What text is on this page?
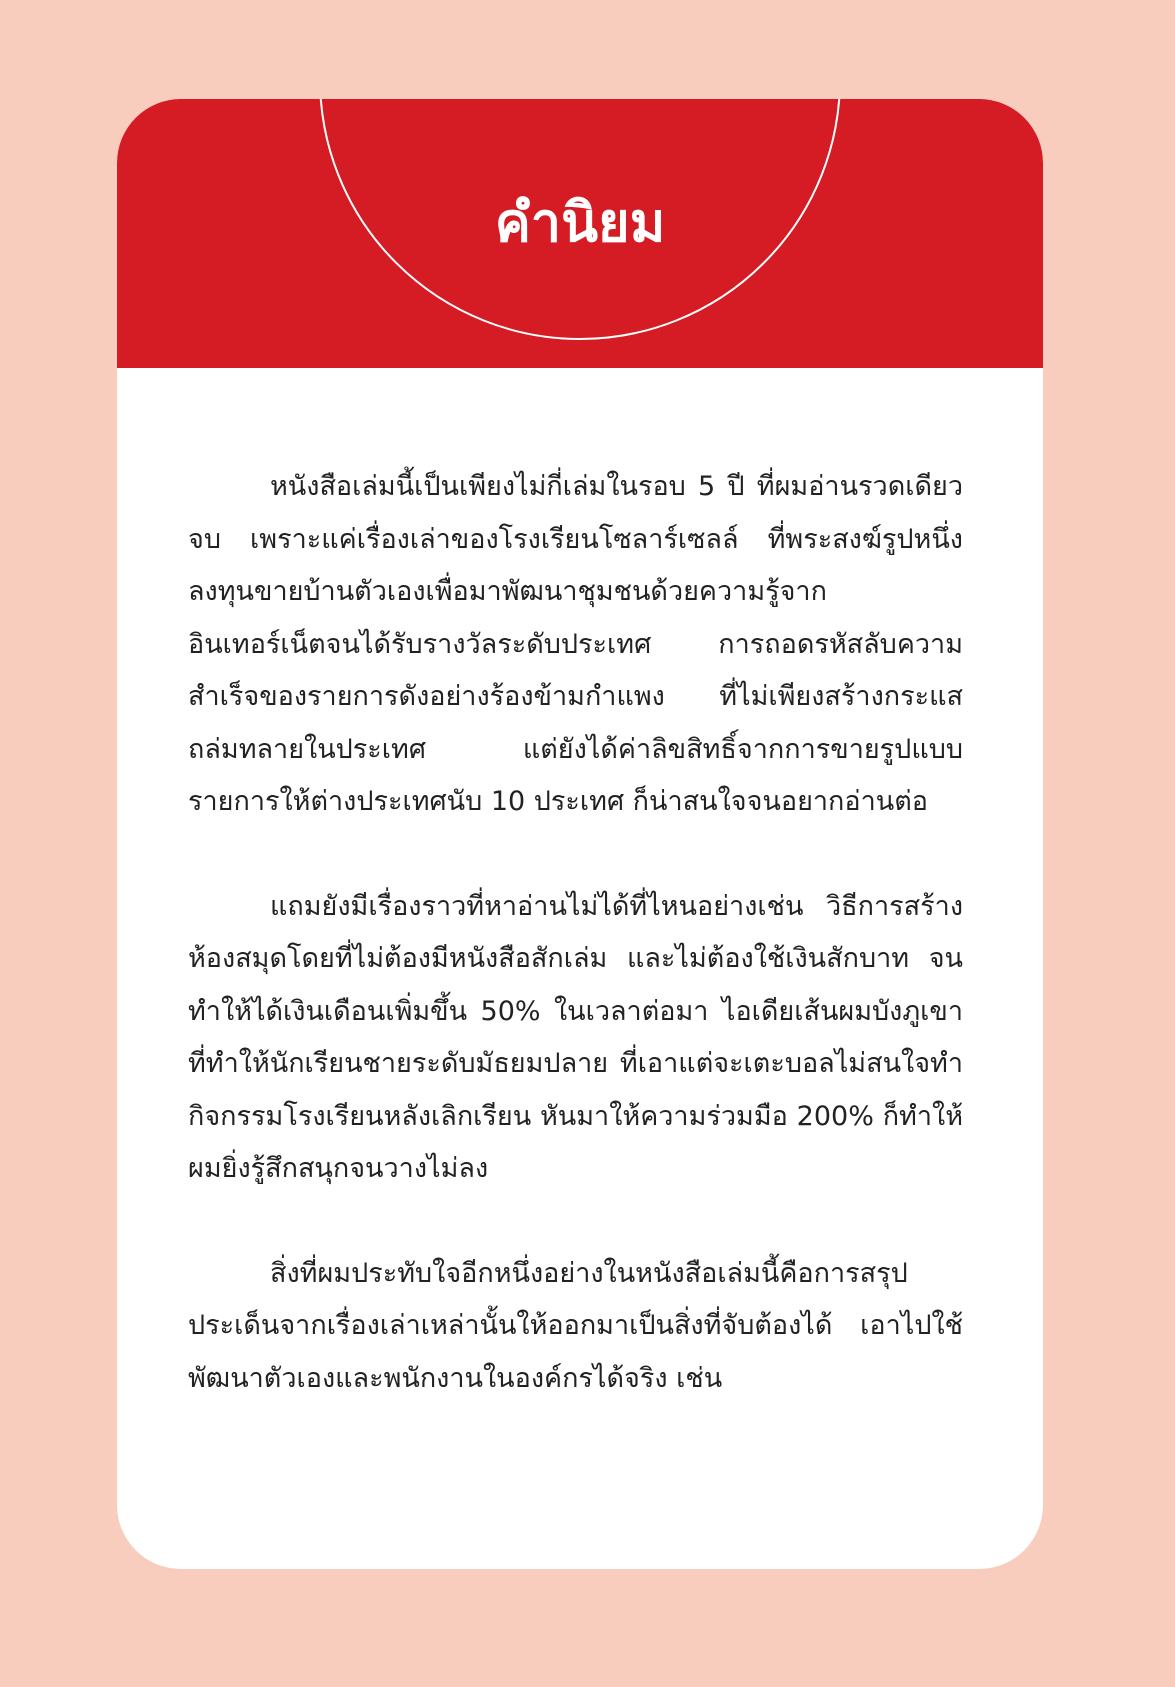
คำนิยม

หนังสือเล่มนี้เป็นเพียงไม่กี่เล่มในรอบ 5 ปี ที่ผมอ่านรวดเดียวจบ เพราะแค่เรื่องเล่าของโรงเรียนโซลาร์เซลล์ ที่พระสงฆ์รูปหนึ่งลงทุนขายบ้านตัวเองเพื่อมาพัฒนาชุมชนด้วยความรู้จากอินเทอร์เน็ตจนได้รับรางวัลระดับประเทศ การถอดรหัสลับความสำเร็จของรายการดังอย่างร้องข้ามกำแพง ที่ไม่เพียงสร้างกระแสถล่มทลายในประเทศ แต่ยังได้ค่าลิขสิทธิ์จากการขายรูปแบบรายการให้ต่างประเทศนับ 10 ประเทศ ก็น่าสนใจจนอยากอ่านต่อ

แถมยังมีเรื่องราวที่หาอ่านไม่ได้ที่ไหนอย่างเช่น วิธีการสร้างห้องสมุดโดยที่ไม่ต้องมีหนังสือสักเล่ม และไม่ต้องใช้เงินสักบาท จนทำให้ได้เงินเดือนเพิ่มขึ้น 50% ในเวลาต่อมา ไอเดียเส้นผมบังภูเขาที่ทำให้นักเรียนชายระดับมัธยมปลาย ที่เอาแต่จะเตะบอลไม่สนใจทำกิจกรรมโรงเรียนหลังเลิกเรียน หันมาให้ความร่วมมือ 200% ก็ทำให้ผมยิ่งรู้สึกสนุกจนวางไม่ลง

สิ่งที่ผมประทับใจอีกหนึ่งอย่างในหนังสือเล่มนี้คือการสรุปประเด็นจากเรื่องเล่าเหล่านั้นให้ออกมาเป็นสิ่งที่จับต้องได้ เอาไปใช้พัฒนาตัวเองและพนักงานในองค์กรได้จริง เช่น
